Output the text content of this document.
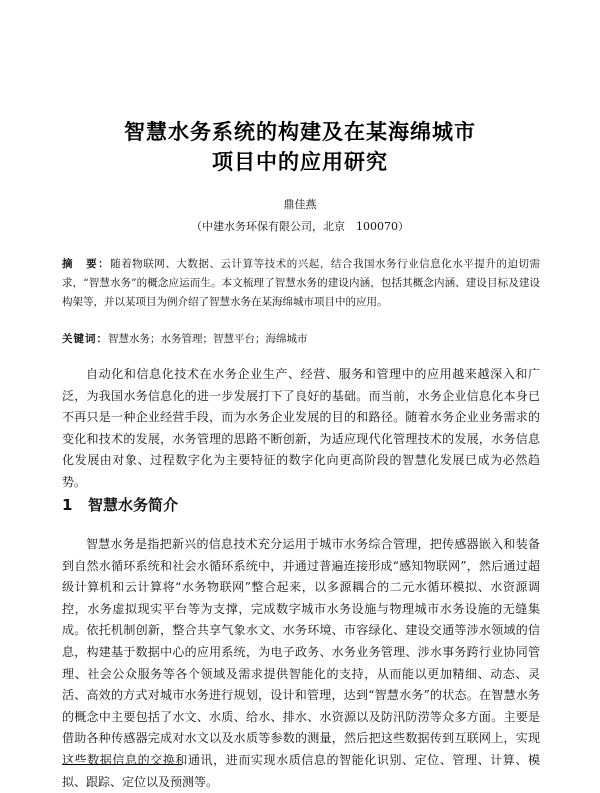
智慧水务系统的构建及在某海绵城市
项目中的应用研究
鼎佳燕
（中建水务环保有限公司，北京　100070）
摘　要：随着物联网、大数据、云计算等技术的兴起，结合我国水务行业信息化水平提升的迫切需求，“智慧水务”的概念应运而生。本文梳理了智慧水务的建设内涵，包括其概念内涵、建设目标及建设构架等，并以某项目为例介绍了智慧水务在某海绵城市项目中的应用。
关键词：智慧水务；水务管理；智慧平台；海绵城市

自动化和信息化技术在水务企业生产、经营、服务和管理中的应用越来越深入和广泛，为我国水务信息化的进一步发展打下了良好的基础。而当前，水务企业信息化本身已不再只是一种企业经营手段，而为水务企业发展的目的和路径。随着水务企业业务需求的变化和技术的发展，水务管理的思路不断创新，为适应现代化管理技术的发展，水务信息化发展由对象、过程数字化为主要特征的数字化向更高阶段的智慧化发展已成为必然趋势。

1 智慧水务简介

智慧水务是指把新兴的信息技术充分运用于城市水务综合管理，把传感器嵌入和装备到自然水循环系统和社会水循环系统中，并通过普遍连接形成“感知物联网”，然后通过超级计算机和云计算将“水务物联网”整合起来，以多源耦合的二元水循环模拟、水资源调控，水务虚拟现实平台等为支撑，完成数字城市水务设施与物理城市水务设施的无缝集成。依托机制创新，整合共享气象水文、水务环境、市容绿化、建设交通等涉水领域的信息，构建基于数据中心的应用系统，为电子政务、水务业务管理、涉水事务跨行业协同管理、社会公众服务等各个领域及需求提供智能化的支持，从而能以更加精细、动态、灵活、高效的方式对城市水务进行规划，设计和管理，达到“智慧水务”的状态。在智慧水务的概念中主要包括了水文、水质、给水、排水、水资源以及防汛防涝等众多方面。主要是借助各种传感器完成对水文以及水质等参数的测量，然后把这些数据传到互联网上，实现这些数据信息的交换和通讯，进而实现水质信息的智能化识别、定位、管理、计算、模拟、跟踪、定位以及预测等。
